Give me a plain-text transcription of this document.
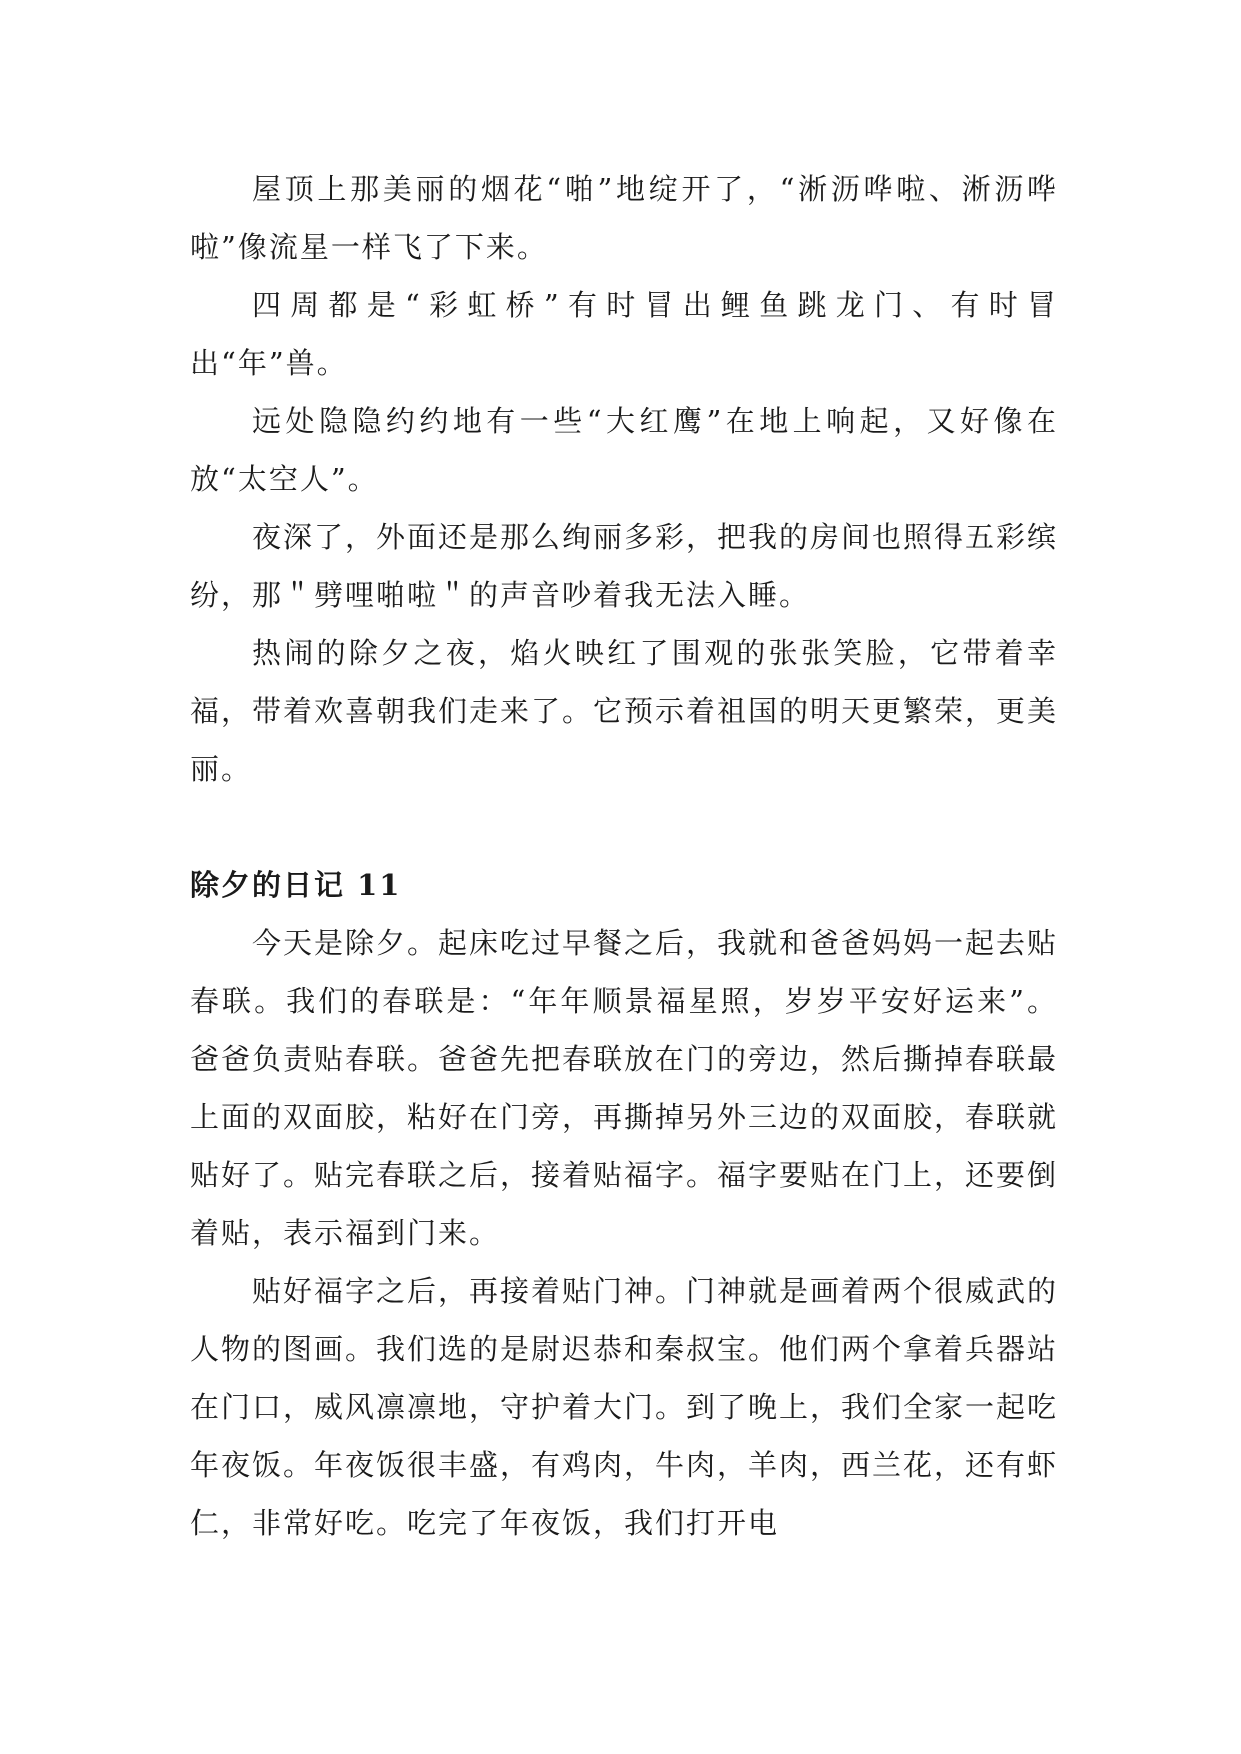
屋顶上那美丽的烟花“啪”地绽开了，“淅沥哗啦、淅沥哗啦”像流星一样飞了下来。

四周都是“彩虹桥”有时冒出鲤鱼跳龙门、有时冒出“年”兽。

远处隐隐约约地有一些“大红鹰”在地上响起，又好像在放“太空人”。

夜深了，外面还是那么绚丽多彩，把我的房间也照得五彩缤纷，那＂劈哩啪啦＂的声音吵着我无法入睡。

热闹的除夕之夜，焰火映红了围观的张张笑脸，它带着幸福，带着欢喜朝我们走来了。它预示着祖国的明天更繁荣，更美丽。

除夕的日记 11

今天是除夕。起床吃过早餐之后，我就和爸爸妈妈一起去贴春联。我们的春联是：“年年顺景福星照，岁岁平安好运来”。爸爸负责贴春联。爸爸先把春联放在门的旁边，然后撕掉春联最上面的双面胶，粘好在门旁，再撕掉另外三边的双面胶，春联就贴好了。贴完春联之后，接着贴福字。福字要贴在门上，还要倒着贴，表示福到门来。

贴好福字之后，再接着贴门神。门神就是画着两个很威武的人物的图画。我们选的是尉迟恭和秦叔宝。他们两个拿着兵器站在门口，威风凛凛地，守护着大门。到了晚上，我们全家一起吃年夜饭。年夜饭很丰盛，有鸡肉，牛肉，羊肉，西兰花，还有虾仁，非常好吃。吃完了年夜饭，我们打开电
